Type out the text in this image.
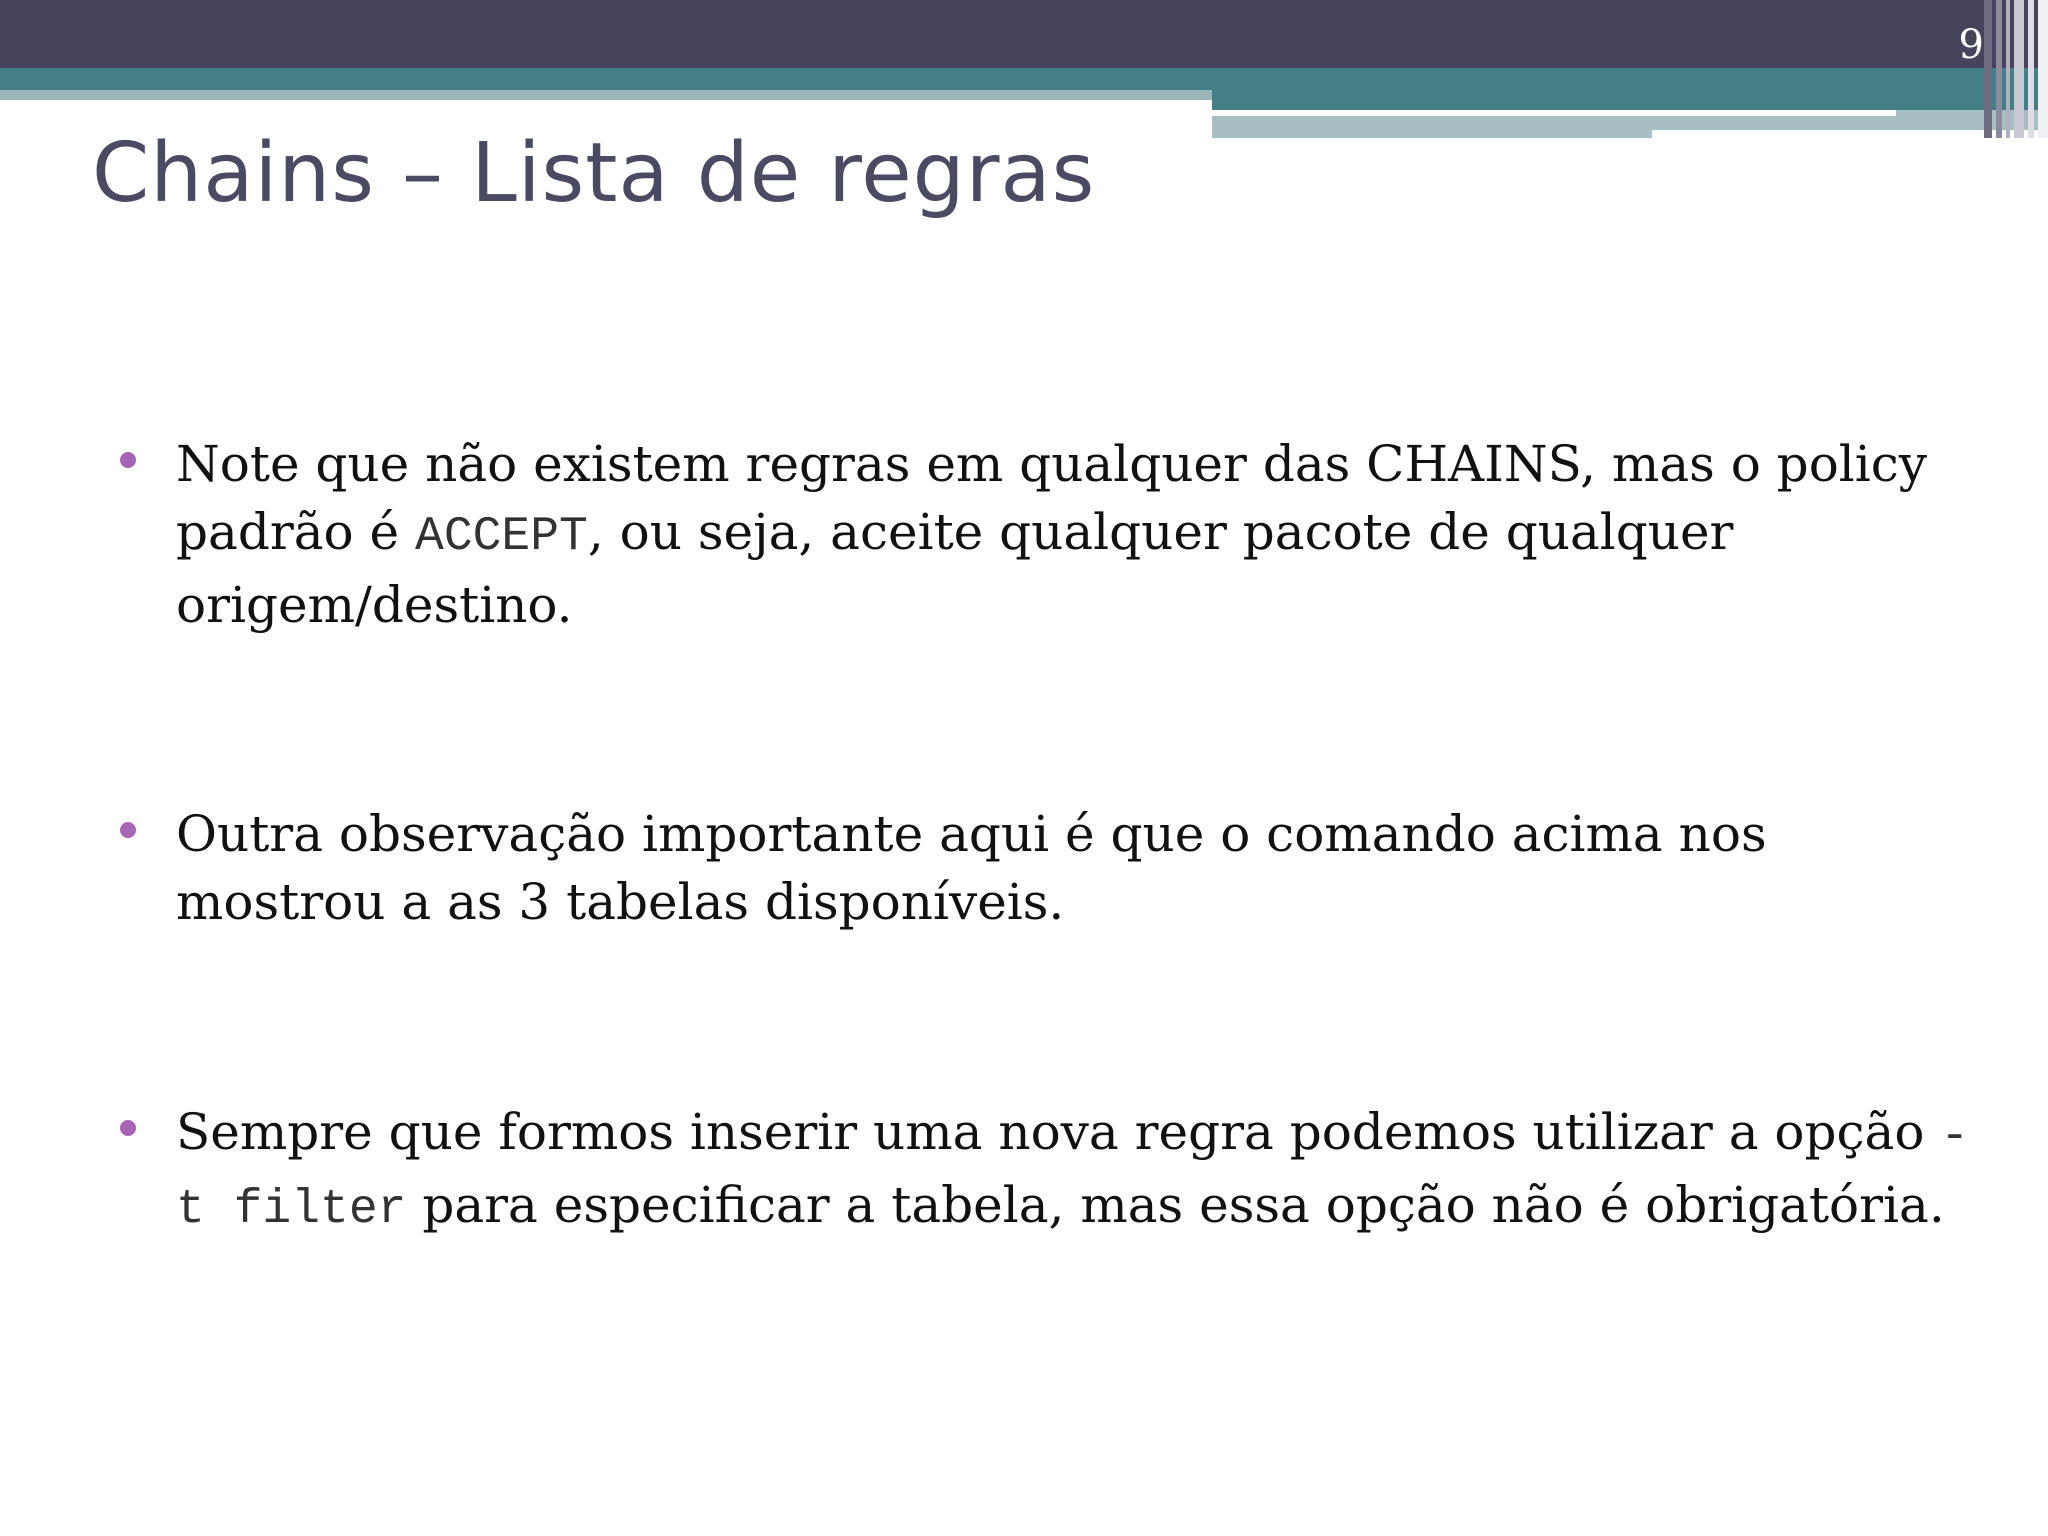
9
Chains – Lista de regras
Note que não existem regras em qualquer das CHAINS, mas o policy padrão é ACCEPT, ou seja, aceite qualquer pacote de qualquer origem/destino.
Outra observação importante aqui é que o comando acima nos mostrou a as 3 tabelas disponíveis.
Sempre que formos inserir uma nova regra podemos utilizar a opção -t filter para especificar a tabela, mas essa opção não é obrigatória.
